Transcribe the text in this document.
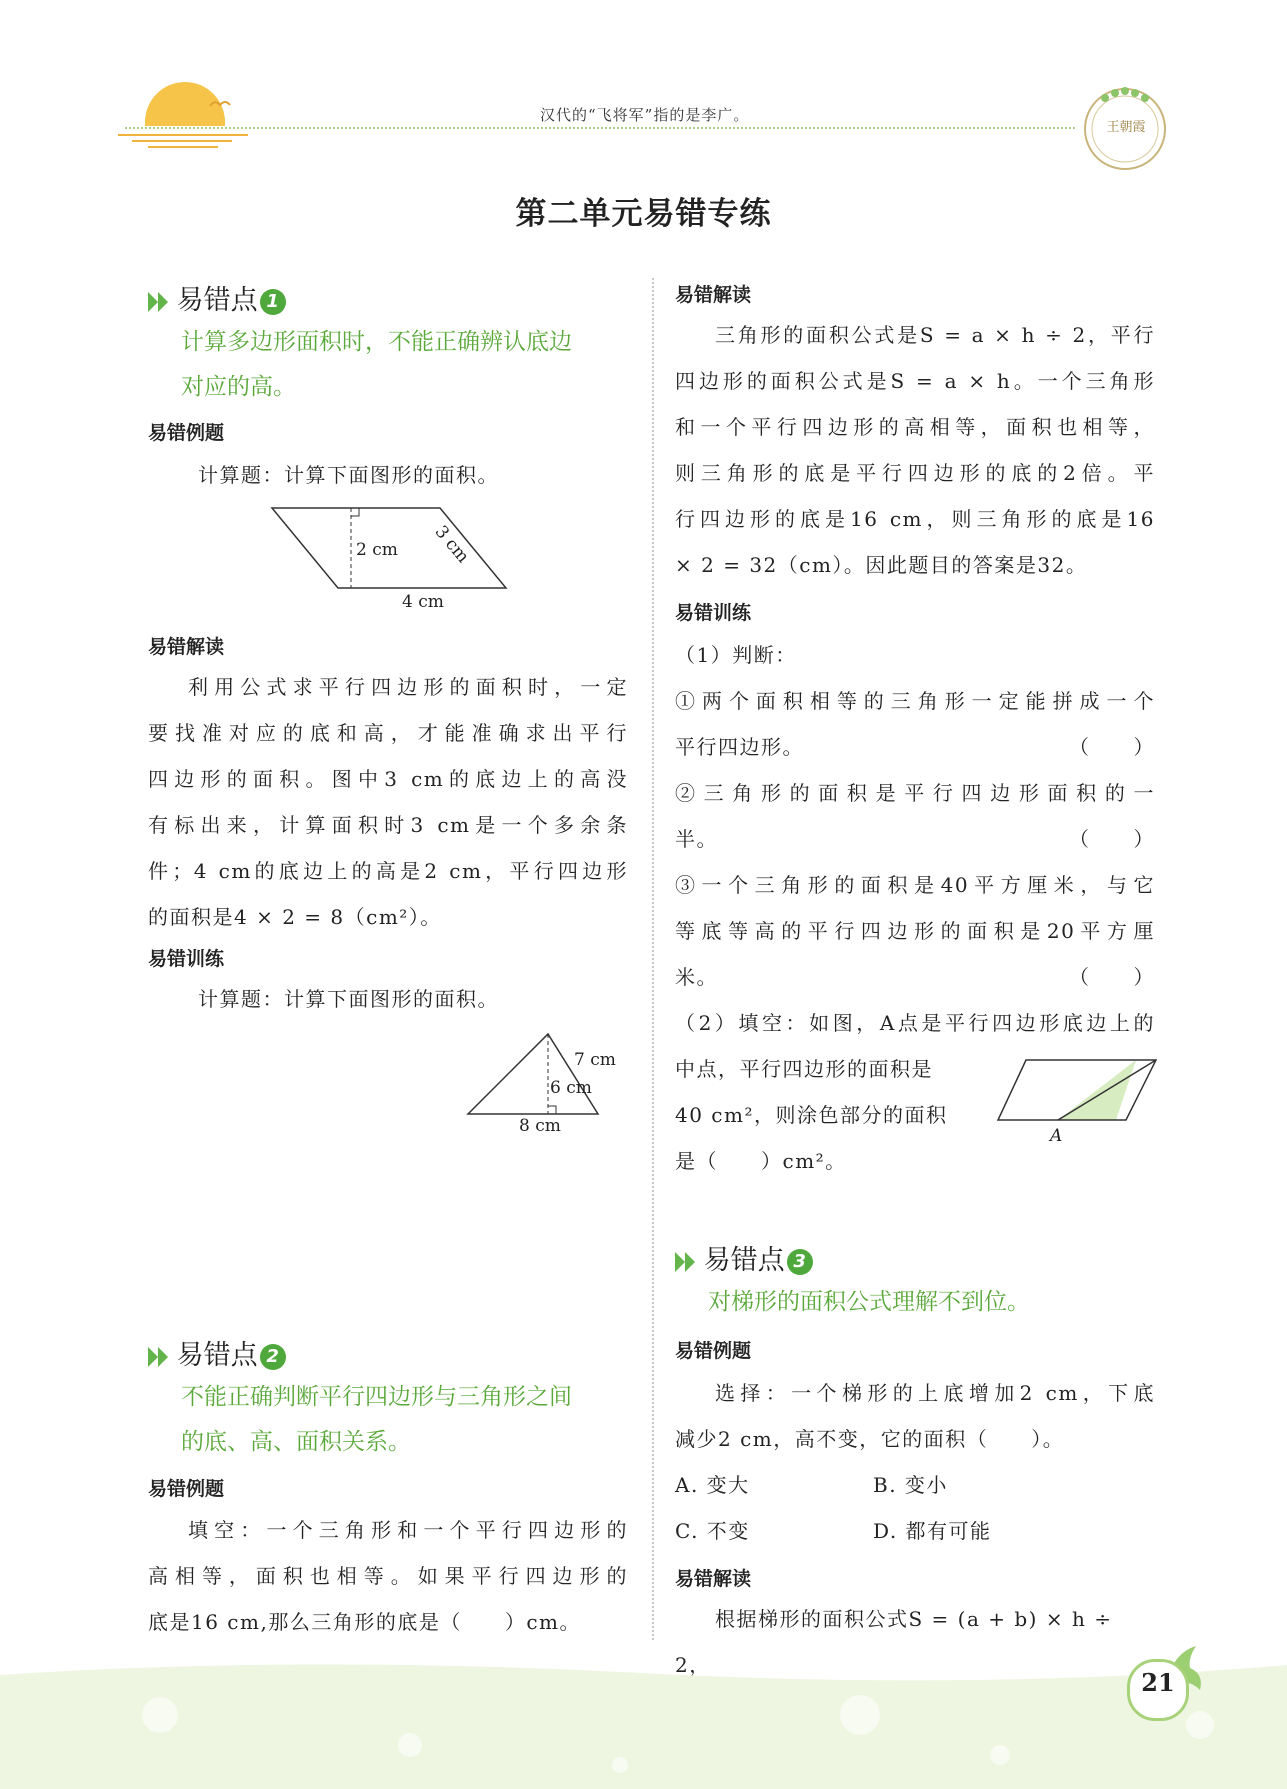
汉代的“飞将军”指的是李广。
王朝霞
第二单元易错专练
易错点 1
计算多边形面积时，不能正确辨认底边
对应的高。
易错例题
计算题：计算下面图形的面积。
2 cm 3 cm
4 cm
易错解读

利用公式求平行四边形的面积时，一定

要找准对应的底和高，才能准确求出平行

四边形的面积。图中3 cm的底边上的高没

有标出来，计算面积时3 cm是一个多余条

件；4 cm的底边上的高是2 cm，平行四边形

的面积是4 × 2 = 8（cm²）。

易错训练
计算题：计算下面图形的面积。
7 cm
6 cm
8 cm
易错点 2
不能正确判断平行四边形与三角形之间
的底、高、面积关系。
易错例题

填空：一个三角形和一个平行四边形的

高相等，面积也相等。如果平行四边形的

底是16 cm,那么三角形的底是（　　）cm。

易错解读

三角形的面积公式是S = a × h ÷ 2，平行

四边形的面积公式是S = a × h。一个三角形

和一个平行四边形的高相等，面积也相等，

则三角形的底是平行四边形的底的2倍。平

行四边形的底是16 cm，则三角形的底是16

× 2 = 32（cm）。因此题目的答案是32。

易错训练

（1）判断：

①两个面积相等的三角形一定能拼成一个

平行四边形。	（　　）

②三角形的面积是平行四边形面积的一

半。	（　　）

③一个三角形的面积是40平方厘米，与它

等底等高的平行四边形的面积是20平方厘

米。	（　　）

（2）填空：如图，A点是平行四边形底边上的

中点，平行四边形的面积是

40 cm²，则涂色部分的面积

是（　　）cm²。

A
易错点 3
对梯形的面积公式理解不到位。
易错例题

选择：一个梯形的上底增加2 cm，下底

减少2 cm，高不变，它的面积（　　）。

A. 变大	B. 变小

C. 不变	D. 都有可能

易错解读

根据梯形的面积公式S = (a + b) × h ÷ 2，

21
